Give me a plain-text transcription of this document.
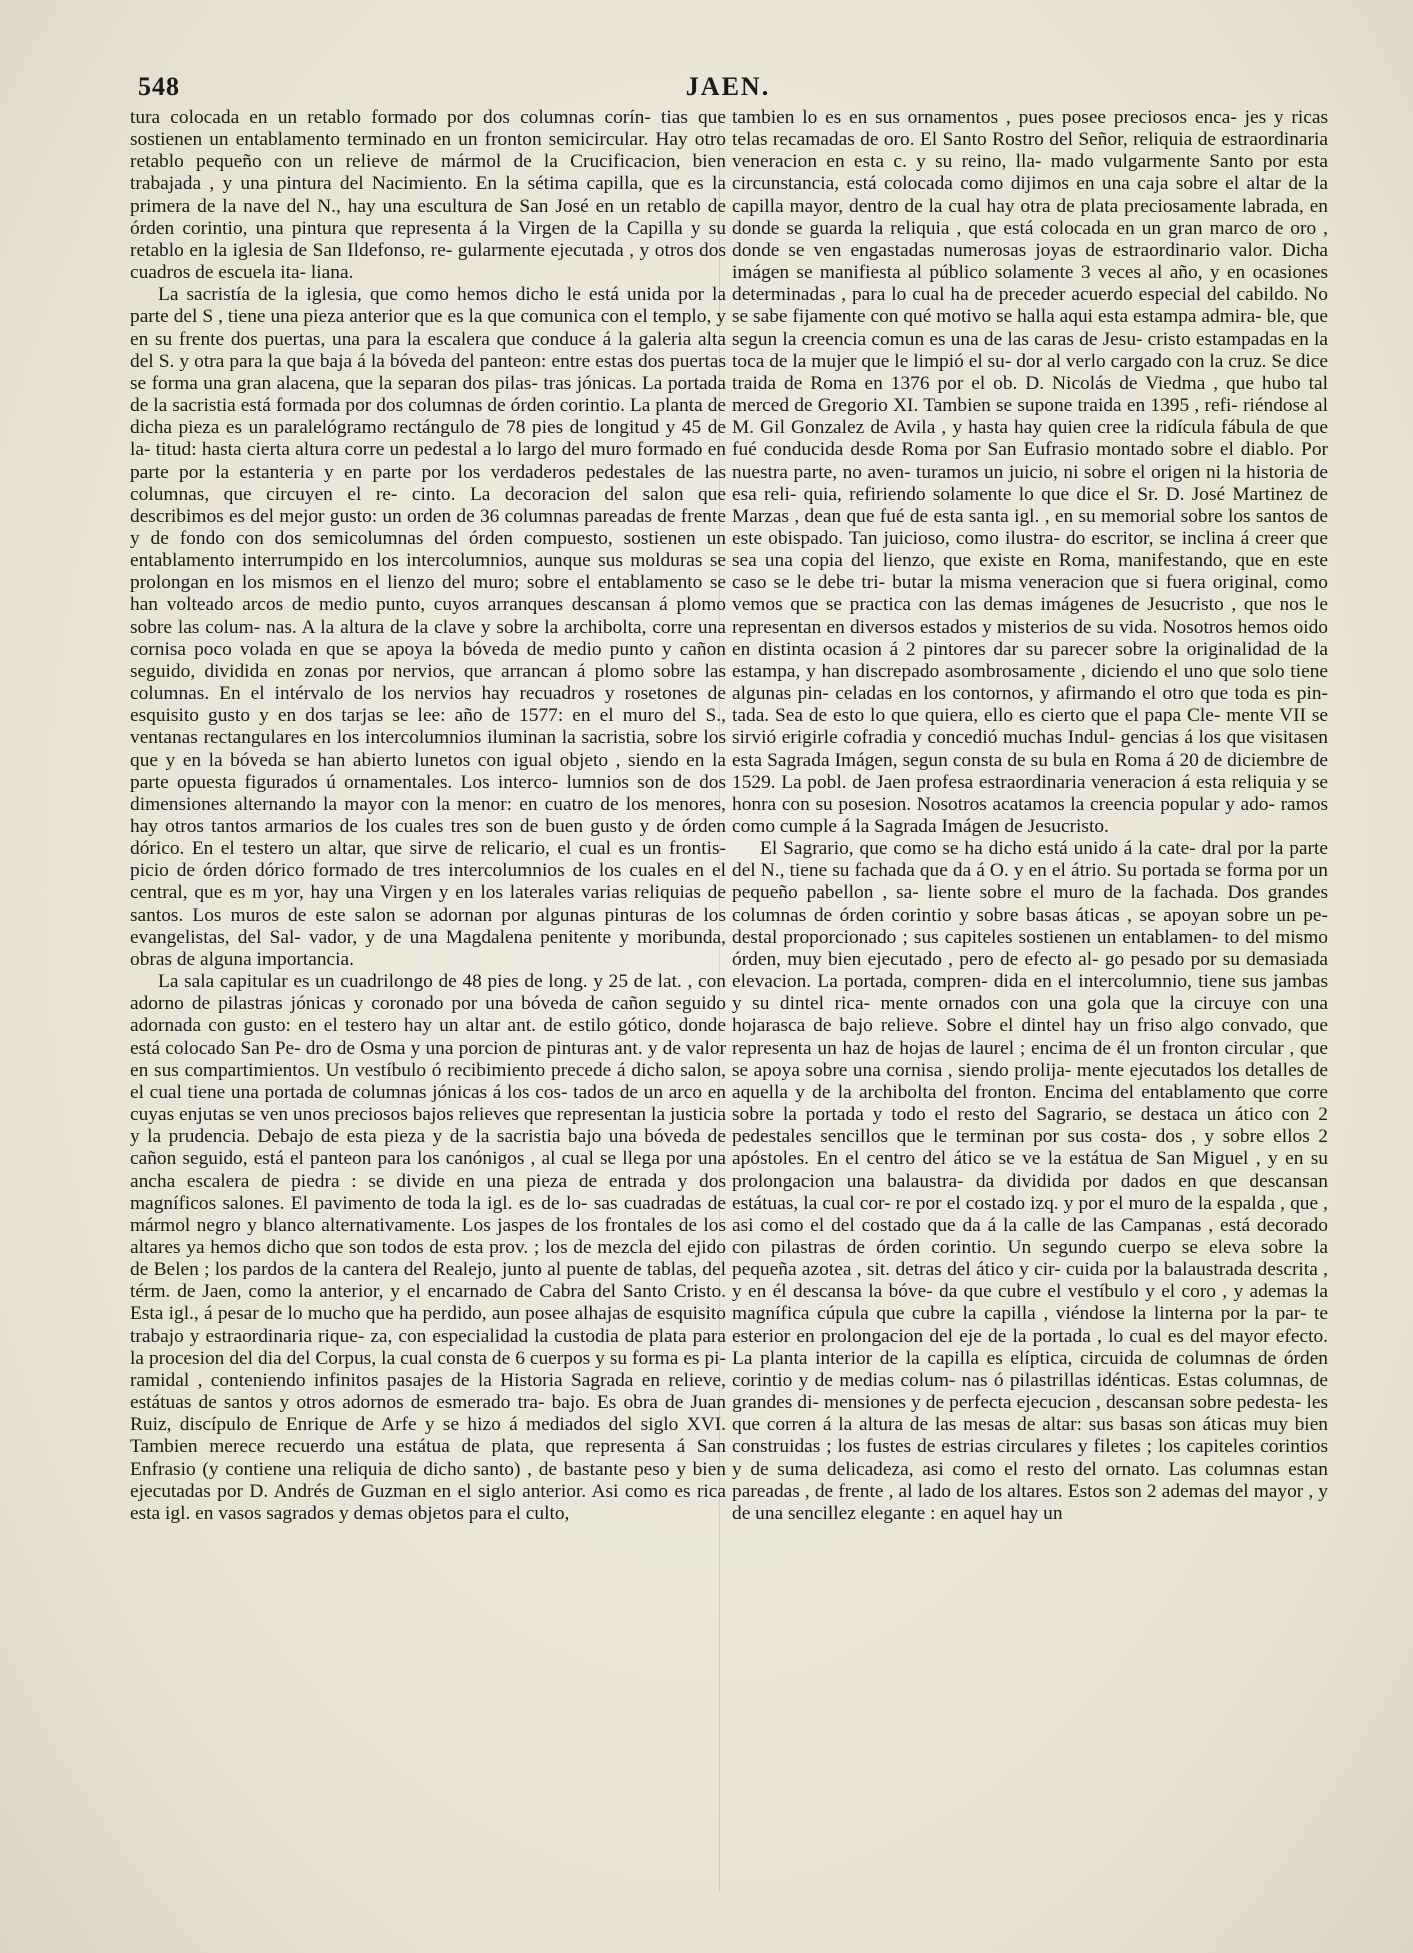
548	JAEN.

tura colocada en un retablo formado por dos columnas corín- tias que sostienen un entablamento terminado en un fronton semicircular. Hay otro retablo pequeño con un relieve de mármol de la Crucificacion, bien trabajada , y una pintura del Nacimiento. En la sétima capilla, que es la primera de la nave del N., hay una escultura de San José en un retablo de órden corintio, una pintura que representa á la Virgen de la Capilla y su retablo en la iglesia de San Ildefonso, re- gularmente ejecutada , y otros dos cuadros de escuela ita- liana.

La sacristía de la iglesia, que como hemos dicho le está unida por la parte del S , tiene una pieza anterior que es la que comunica con el templo, y en su frente dos puertas, una para la escalera que conduce á la galeria alta del S. y otra para la que baja á la bóveda del panteon: entre estas dos puertas se forma una gran alacena, que la separan dos pilas- tras jónicas. La portada de la sacristia está formada por dos columnas de órden corintio. La planta de dicha pieza es un paralelógramo rectángulo de 78 pies de longitud y 45 de la- titud: hasta cierta altura corre un pedestal a lo largo del muro formado en parte por la estanteria y en parte por los verdaderos pedestales de las columnas, que circuyen el re- cinto. La decoracion del salon que describimos es del mejor gusto: un orden de 36 columnas pareadas de frente y de fondo con dos semicolumnas del órden compuesto, sostienen un entablamento interrumpido en los intercolumnios, aunque sus molduras se prolongan en los mismos en el lienzo del muro; sobre el entablamento se han volteado arcos de medio punto, cuyos arranques descansan á plomo sobre las colum- nas. A la altura de la clave y sobre la archibolta, corre una cornisa poco volada en que se apoya la bóveda de medio punto y cañon seguido, dividida en zonas por nervios, que arrancan á plomo sobre las columnas. En el intérvalo de los nervios hay recuadros y rosetones de esquisito gusto y en dos tarjas se lee: año de 1577: en el muro del S., ventanas rectangulares en los intercolumnios iluminan la sacristia, sobre los que y en la bóveda se han abierto lunetos con igual objeto , siendo en la parte opuesta figurados ú ornamentales. Los interco- lumnios son de dos dimensiones alternando la mayor con la menor: en cuatro de los menores, hay otros tantos armarios de los cuales tres son de buen gusto y de órden dórico. En el testero un altar, que sirve de relicario, el cual es un frontis- picio de órden dórico formado de tres intercolumnios de los cuales en el central, que es m yor, hay una Virgen y en los laterales varias reliquias de santos. Los muros de este salon se adornan por algunas pinturas de los evangelistas, del Sal- vador, y de una Magdalena penitente y moribunda, obras de alguna importancia.

La sala capitular es un cuadrilongo de 48 pies de long. y 25 de lat. , con adorno de pilastras jónicas y coronado por una bóveda de cañon seguido adornada con gusto: en el testero hay un altar ant. de estilo gótico, donde está colocado San Pe- dro de Osma y una porcion de pinturas ant. y de valor en sus compartimientos. Un vestíbulo ó recibimiento precede á dicho salon, el cual tiene una portada de columnas jónicas á los cos- tados de un arco en cuyas enjutas se ven unos preciosos bajos relieves que representan la justicia y la prudencia. Debajo de esta pieza y de la sacristia bajo una bóveda de cañon seguido, está el panteon para los canónigos , al cual se llega por una ancha escalera de piedra : se divide en una pieza de entrada y dos magníficos salones. El pavimento de toda la igl. es de lo- sas cuadradas de mármol negro y blanco alternativamente. Los jaspes de los frontales de los altares ya hemos dicho que son todos de esta prov. ; los de mezcla del ejido de Belen ; los pardos de la cantera del Realejo, junto al puente de tablas, del térm. de Jaen, como la anterior, y el encarnado de Cabra del Santo Cristo. Esta igl., á pesar de lo mucho que ha perdido, aun posee alhajas de esquisito trabajo y estraordinaria rique- za, con especialidad la custodia de plata para la procesion del dia del Corpus, la cual consta de 6 cuerpos y su forma es pi- ramidal , conteniendo infinitos pasajes de la Historia Sagrada en relieve, estátuas de santos y otros adornos de esmerado tra- bajo. Es obra de Juan Ruiz, discípulo de Enrique de Arfe y se hizo á mediados del siglo XVI. Tambien merece recuerdo una estátua de plata, que representa á San Enfrasio (y contiene una reliquia de dicho santo) , de bastante peso y bien ejecutadas por D. Andrés de Guzman en el siglo anterior. Asi como es rica esta igl. en vasos sagrados y demas objetos para el culto,

tambien lo es en sus ornamentos , pues posee preciosos enca- jes y ricas telas recamadas de oro. El Santo Rostro del Señor, reliquia de estraordinaria veneracion en esta c. y su reino, lla- mado vulgarmente Santo por esta circunstancia, está colocada como dijimos en una caja sobre el altar de la capilla mayor, dentro de la cual hay otra de plata preciosamente labrada, en donde se guarda la reliquia , que está colocada en un gran marco de oro , donde se ven engastadas numerosas joyas de estraordinario valor. Dicha imágen se manifiesta al público solamente 3 veces al año, y en ocasiones determinadas , para lo cual ha de preceder acuerdo especial del cabildo. No se sabe fijamente con qué motivo se halla aqui esta estampa admira- ble, que segun la creencia comun es una de las caras de Jesu- cristo estampadas en la toca de la mujer que le limpió el su- dor al verlo cargado con la cruz. Se dice traida de Roma en 1376 por el ob. D. Nicolás de Viedma , que hubo tal merced de Gregorio XI. Tambien se supone traida en 1395 , refi- riéndose al M. Gil Gonzalez de Avila , y hasta hay quien cree la ridícula fábula de que fué conducida desde Roma por San Eufrasio montado sobre el diablo. Por nuestra parte, no aven- turamos un juicio, ni sobre el origen ni la historia de esa reli- quia, refiriendo solamente lo que dice el Sr. D. José Martinez de Marzas , dean que fué de esta santa igl. , en su memorial sobre los santos de este obispado. Tan juicioso, como ilustra- do escritor, se inclina á creer que sea una copia del lienzo, que existe en Roma, manifestando, que en este caso se le debe tri- butar la misma veneracion que si fuera original, como vemos que se practica con las demas imágenes de Jesucristo , que nos le representan en diversos estados y misterios de su vida. Nosotros hemos oido en distinta ocasion á 2 pintores dar su parecer sobre la originalidad de la estampa, y han discrepado asombrosamente , diciendo el uno que solo tiene algunas pin- celadas en los contornos, y afirmando el otro que toda es pin- tada. Sea de esto lo que quiera, ello es cierto que el papa Cle- mente VII se sirvió erigirle cofradia y concedió muchas Indul- gencias á los que visitasen esta Sagrada Imágen, segun consta de su bula en Roma á 20 de diciembre de 1529. La pobl. de Jaen profesa estraordinaria veneracion á esta reliquia y se honra con su posesion. Nosotros acatamos la creencia popular y ado- ramos como cumple á la Sagrada Imágen de Jesucristo.

El Sagrario, que como se ha dicho está unido á la cate- dral por la parte del N., tiene su fachada que da á O. y en el átrio. Su portada se forma por un pequeño pabellon , sa- liente sobre el muro de la fachada. Dos grandes columnas de órden corintio y sobre basas áticas , se apoyan sobre un pe- destal proporcionado ; sus capiteles sostienen un entablamen- to del mismo órden, muy bien ejecutado , pero de efecto al- go pesado por su demasiada elevacion. La portada, compren- dida en el intercolumnio, tiene sus jambas y su dintel rica- mente ornados con una gola que la circuye con una hojarasca de bajo relieve. Sobre el dintel hay un friso algo convado, que representa un haz de hojas de laurel ; encima de él un fronton circular , que se apoya sobre una cornisa , siendo prolija- mente ejecutados los detalles de aquella y de la archibolta del fronton. Encima del entablamento que corre sobre la portada y todo el resto del Sagrario, se destaca un ático con 2 pedestales sencillos que le terminan por sus costa- dos , y sobre ellos 2 apóstoles. En el centro del ático se ve la estátua de San Miguel , y en su prolongacion una balaustra- da dividida por dados en que descansan estátuas, la cual cor- re por el costado izq. y por el muro de la espalda , que , asi como el del costado que da á la calle de las Campanas , está decorado con pilastras de órden corintio. Un segundo cuerpo se eleva sobre la pequeña azotea , sit. detras del ático y cir- cuida por la balaustrada descrita , y en él descansa la bóve- da que cubre el vestíbulo y el coro , y ademas la magnífica cúpula que cubre la capilla , viéndose la linterna por la par- te esterior en prolongacion del eje de la portada , lo cual es del mayor efecto. La planta interior de la capilla es elíptica, circuida de columnas de órden corintio y de medias colum- nas ó pilastrillas idénticas. Estas columnas, de grandes di- mensiones y de perfecta ejecucion , descansan sobre pedesta- les que corren á la altura de las mesas de altar: sus basas son áticas muy bien construidas ; los fustes de estrias circulares y filetes ; los capiteles corintios y de suma delicadeza, asi como el resto del ornato. Las columnas estan pareadas , de frente , al lado de los altares. Estos son 2 ademas del mayor , y de una sencillez elegante : en aquel hay un
